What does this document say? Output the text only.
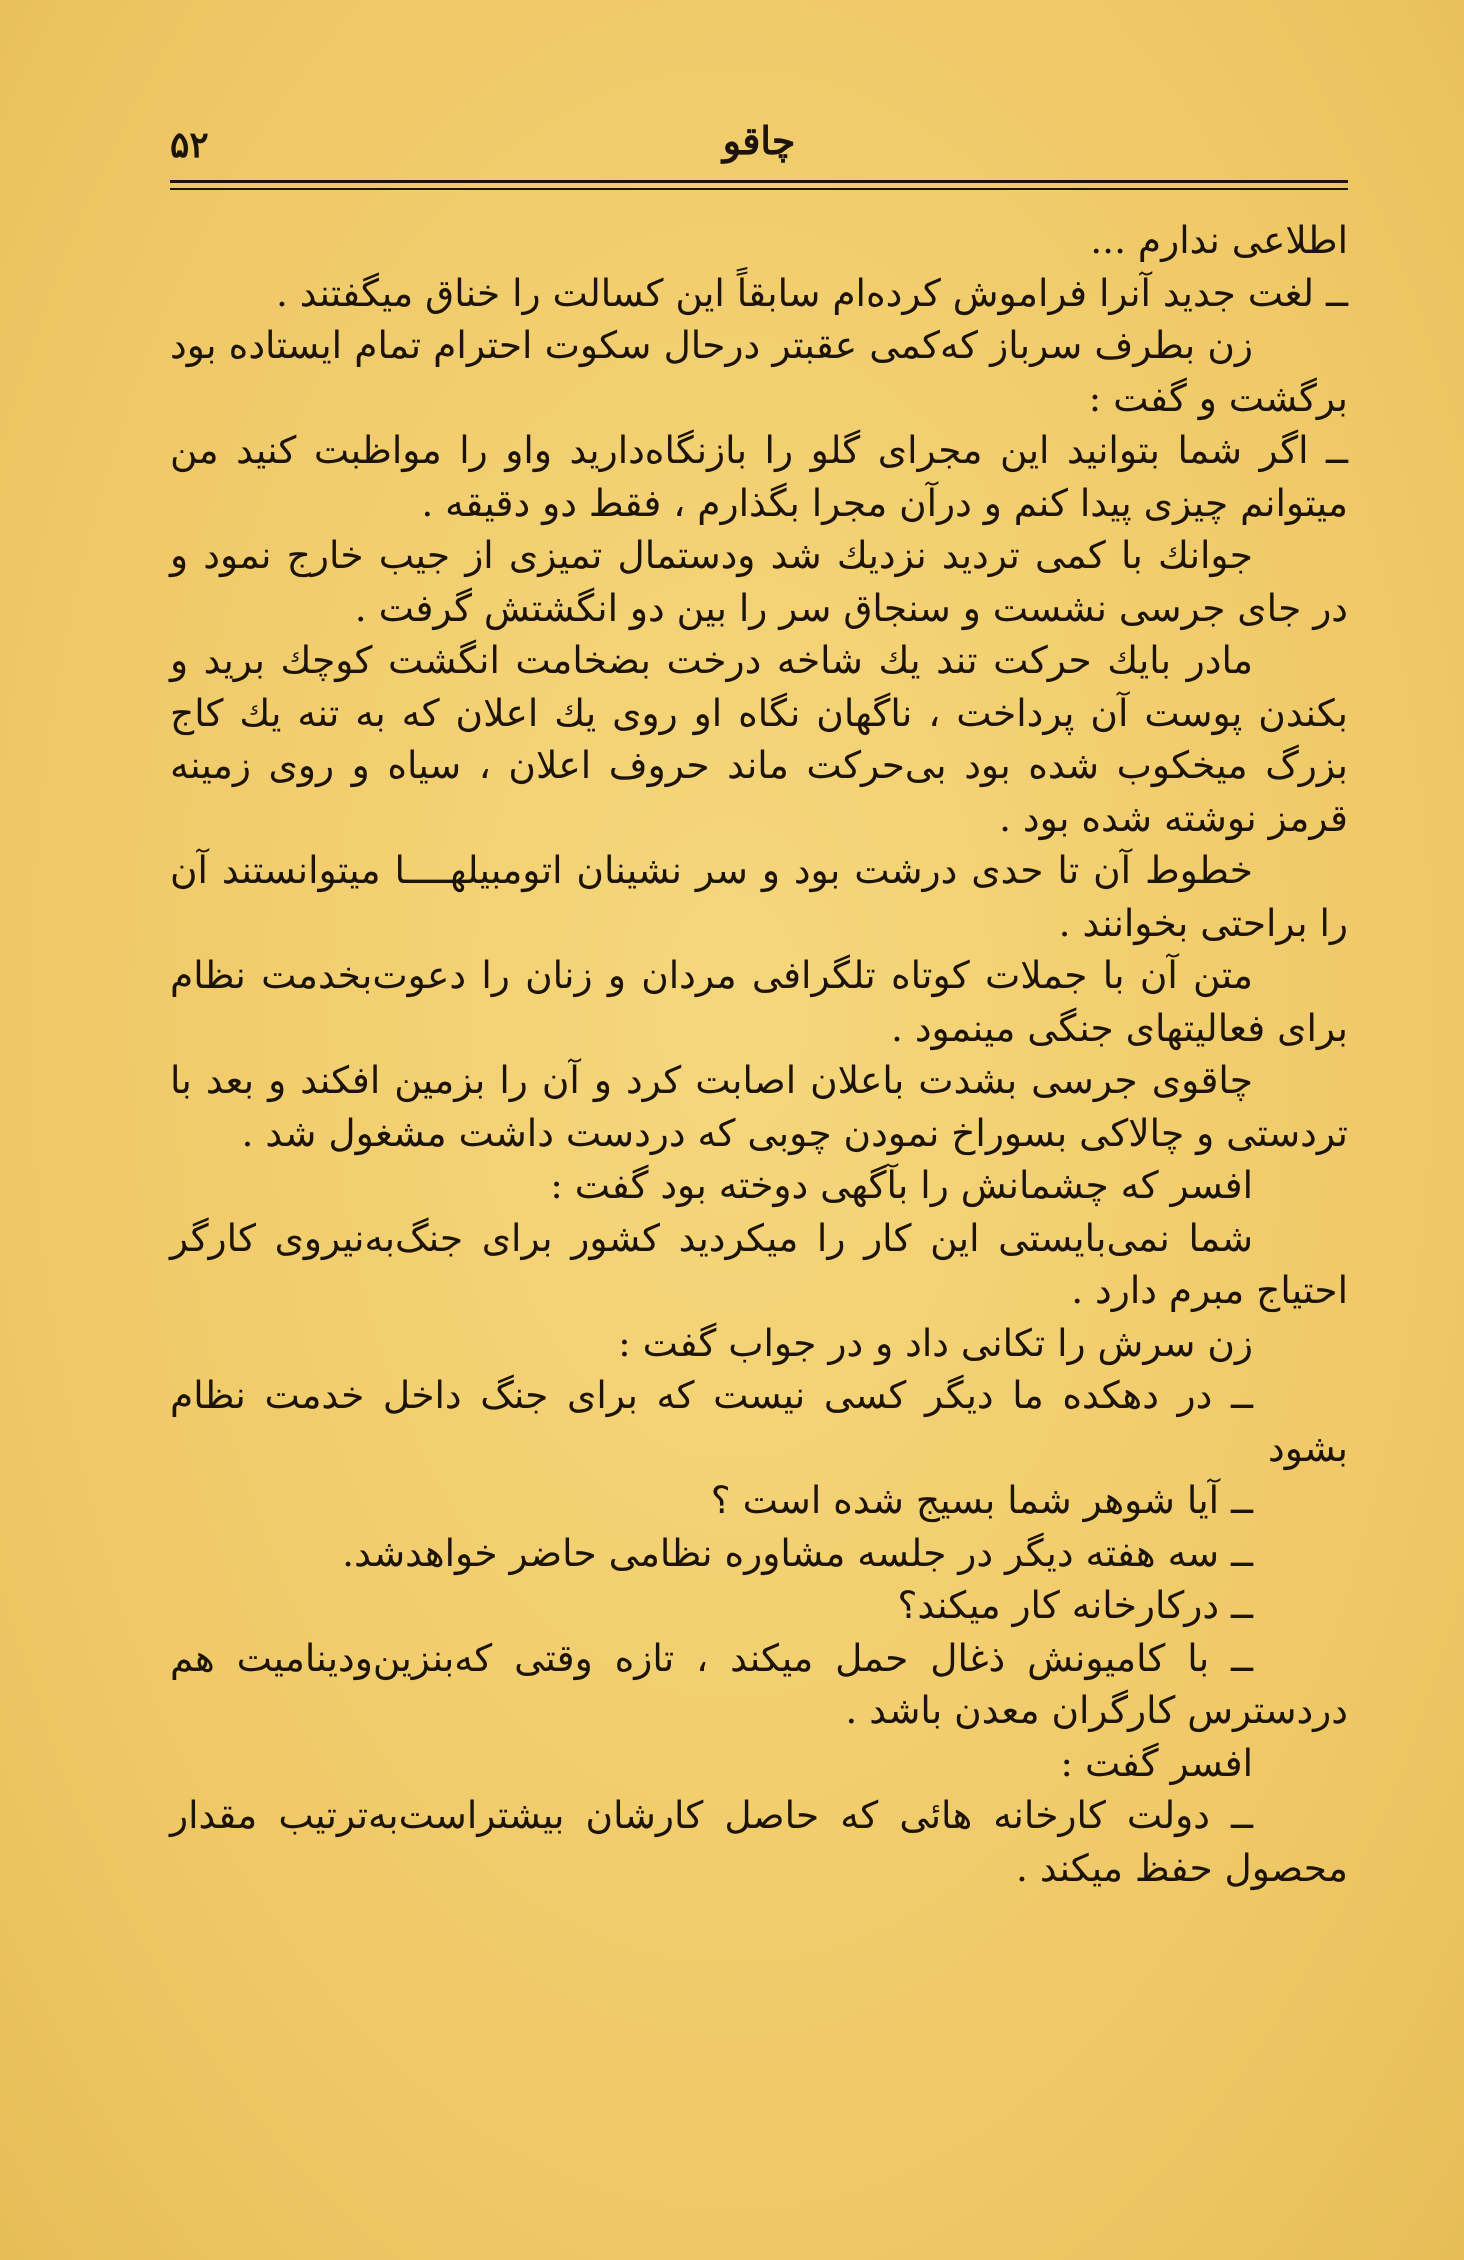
۵۲	چاقو

اطلاعی ندارم ...

ــ لغت جدید آنرا فراموش کرده‌ام سابقاً این کسالت را خناق میگفتند .

زن بطرف سرباز که‌کمی عقبتر درحال سکوت احترام تمام ایستاده بود برگشت و گفت :

ــ اگر شما بتوانید این مجرای گلو را بازنگاه‌دارید واو را مواظبت کنید من میتوانم چیزی پیدا کنم و درآن مجرا بگذارم ، فقط دو دقیقه .

جوانك با كمی تردید نزدیك شد ودستمال تمیزی از جیب خارج نمود و در جای جرسی نشست و سنجاق سر را بین دو انگشتش گرفت .

مادر بایك حركت تند یك شاخه درخت بضخامت انگشت كوچك برید و بكندن پوست آن پرداخت ، ناگهان نگاه او روی یك اعلان كه به تنه یك كاج بزرگ میخكوب شده بود بی‌حركت ماند حروف اعلان ، سیاه و روی زمینه قرمز نوشته شده بود .

خطوط آن تا حدی درشت بود و سر نشینان اتومبیلهــــا میتوانستند آن را براحتی بخوانند .

متن آن با جملات كوتاه تلگرافی مردان و زنان را دعوت‌بخدمت نظام برای فعالیتهای جنگی مینمود .

چاقوی جرسی بشدت باعلان اصابت كرد و آن را بزمین افكند و بعد با تردستی و چالاكی بسوراخ نمودن چوبی كه دردست داشت مشغول شد .

افسر كه چشمانش را بآگهی دوخته بود گفت :

شما نمی‌بایستی این كار را میكردید كشور برای جنگ‌به‌نیروی كارگر احتیاج مبرم دارد .

زن سرش را تكانی داد و در جواب گفت :

ــ در دهكده ما دیگر كسی نیست كه برای جنگ داخل خدمت نظام بشود

ــ آیا شوهر شما بسیج شده است ؟

ــ سه هفته دیگر در جلسه مشاوره نظامی حاضر خواهدشد.

ــ دركارخانه كار میكند؟

ــ با كامیونش ذغال حمل میكند ، تازه وقتی كه‌بنزین‌ودینامیت هم دردسترس كارگران معدن باشد .

افسر گفت :

ــ دولت كارخانه هائی كه حاصل كارشان بیشتراست‌به‌ترتیب مقدار محصول حفظ میكند .
